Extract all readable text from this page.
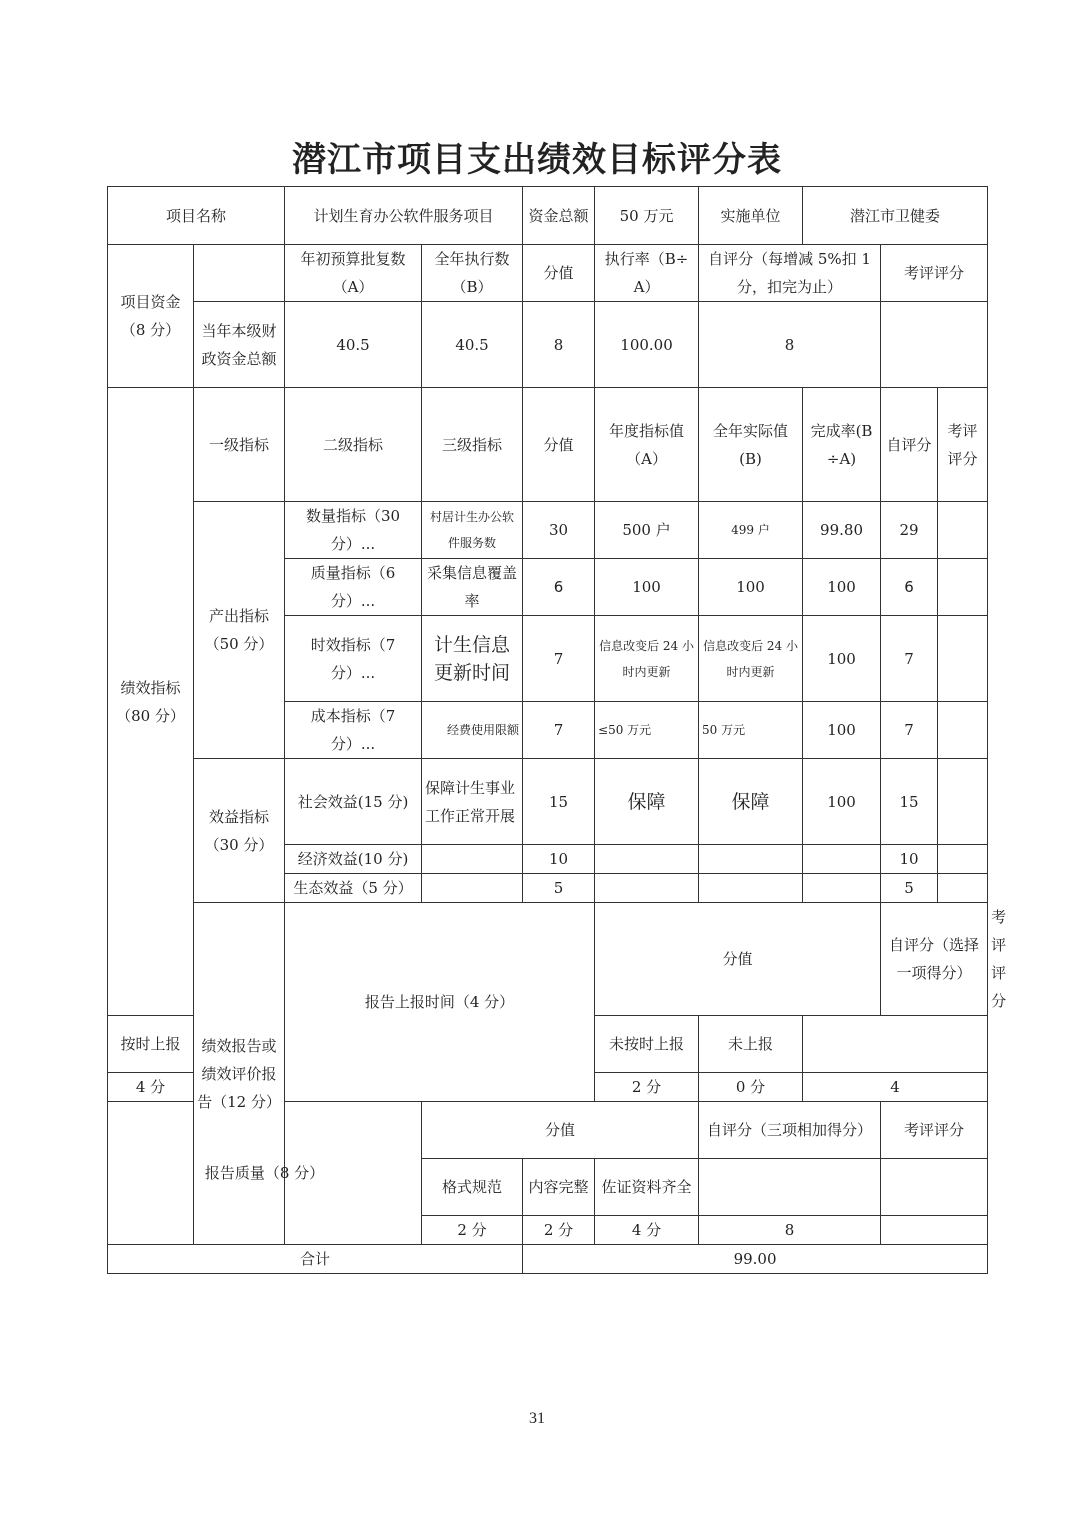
潜江市项目支出绩效目标评分表
项目名称		计划生育办公软件服务项目		资金总额	50 万元	实施单位	潜江市卫健委			
项目资金（8 分）		年初预算批复数（A）	全年执行数（B）	分值	执行率（B÷A）	自评分（每增减 5%扣 1 分，扣完为止）		考评评分		
	当年本级财政资金总额	40.5	40.5	8	100.00	8				
绩效指标（80 分）	一级指标	二级指标	三级指标	分值	年度指标值（A）	全年实际值(B)	完成率(B÷A)	自评分	考评评分	
	产出指标（50 分）	数量指标（30 分）...	村居计生办公软件服务数	30	500 户	499 户	99.80	29		
		质量指标（6 分）...	采集信息覆盖率	6	100	100	100	6		
		时效指标（7 分）...	计生信息更新时间	7	信息改变后 24 小时内更新	信息改变后 24 小时内更新	100	7		
		成本指标（7 分）...	经费使用限额	7	≤50 万元	50 万元	100	7		
	效益指标（30 分）	社会效益(15 分)	保障计生事业工作正常开展	15	保障	保障	100	15		
		经济效益(10 分)		10				10		
		生态效益（5 分）		5				5		
	绩效报告或绩效评价报告（12 分）	报告上报时间（4 分）			分值			自评分（选择一项得分）		考评评分	
按时上报					未按时上报	未上报				
4 分					2 分	0 分	4			
报告质量（8 分）			分值			自评分（三项相加得分）		考评评分		
			格式规范	内容完整	佐证资料齐全					
			2 分	2 分	4 分	8				
合计				99.00						
31
